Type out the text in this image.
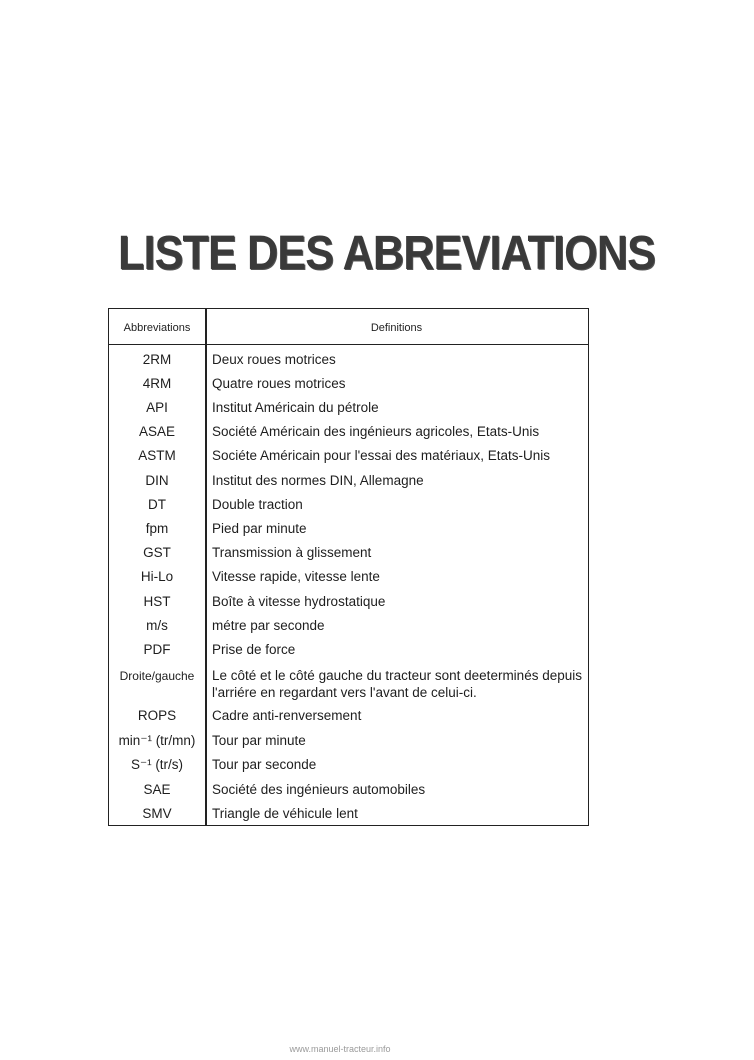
LISTE DES ABREVIATIONS
Abbreviations	Definitions
2RM	Deux roues motrices
4RM	Quatre roues motrices
API	Institut Américain du pétrole
ASAE	Société Américain des ingénieurs agricoles, Etats-Unis
ASTM	Sociéte Américain pour l'essai des matériaux, Etats-Unis
DIN	Institut des normes DIN, Allemagne
DT	Double traction
fpm	Pied par minute
GST	Transmission à glissement
Hi-Lo	Vitesse rapide, vitesse lente
HST	Boîte à vitesse hydrostatique
m/s	métre par seconde
PDF	Prise de force
Droite/gauche	Le côté et le côté gauche du tracteur sont deeterminés depuis l'arriére en regardant vers l'avant de celui-ci.
ROPS	Cadre anti-renversement
min⁻¹ (tr/mn)	Tour par minute
S⁻¹ (tr/s)	Tour par seconde
SAE	Société des ingénieurs automobiles
SMV	Triangle de véhicule lent
www.manuel-tracteur.info
